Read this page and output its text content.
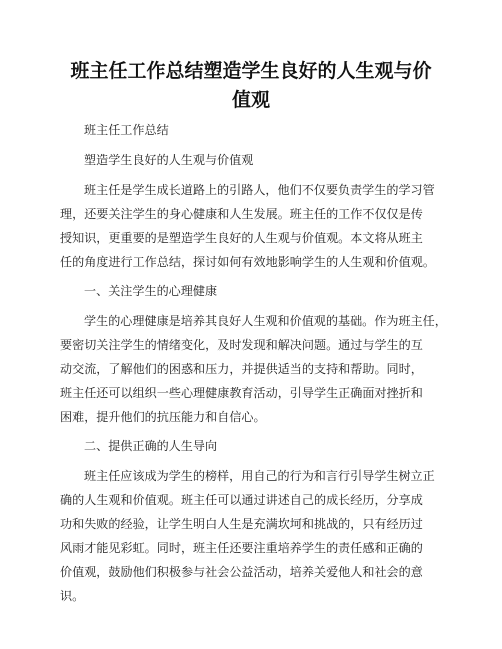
班主任工作总结塑造学生良好的人生观与价
值观
班主任工作总结
塑造学生良好的人生观与价值观
班主任是学生成长道路上的引路人，他们不仅要负责学生的学习管
理，还要关注学生的身心健康和人生发展。班主任的工作不仅仅是传
授知识，更重要的是塑造学生良好的人生观与价值观。本文将从班主
任的角度进行工作总结，探讨如何有效地影响学生的人生观和价值观。
一、关注学生的心理健康
学生的心理健康是培养其良好人生观和价值观的基础。作为班主任，
要密切关注学生的情绪变化，及时发现和解决问题。通过与学生的互
动交流，了解他们的困惑和压力，并提供适当的支持和帮助。同时，
班主任还可以组织一些心理健康教育活动，引导学生正确面对挫折和
困难，提升他们的抗压能力和自信心。
二、提供正确的人生导向
班主任应该成为学生的榜样，用自己的行为和言行引导学生树立正
确的人生观和价值观。班主任可以通过讲述自己的成长经历，分享成
功和失败的经验，让学生明白人生是充满坎坷和挑战的，只有经历过
风雨才能见彩虹。同时，班主任还要注重培养学生的责任感和正确的
价值观，鼓励他们积极参与社会公益活动，培养关爱他人和社会的意
识。
